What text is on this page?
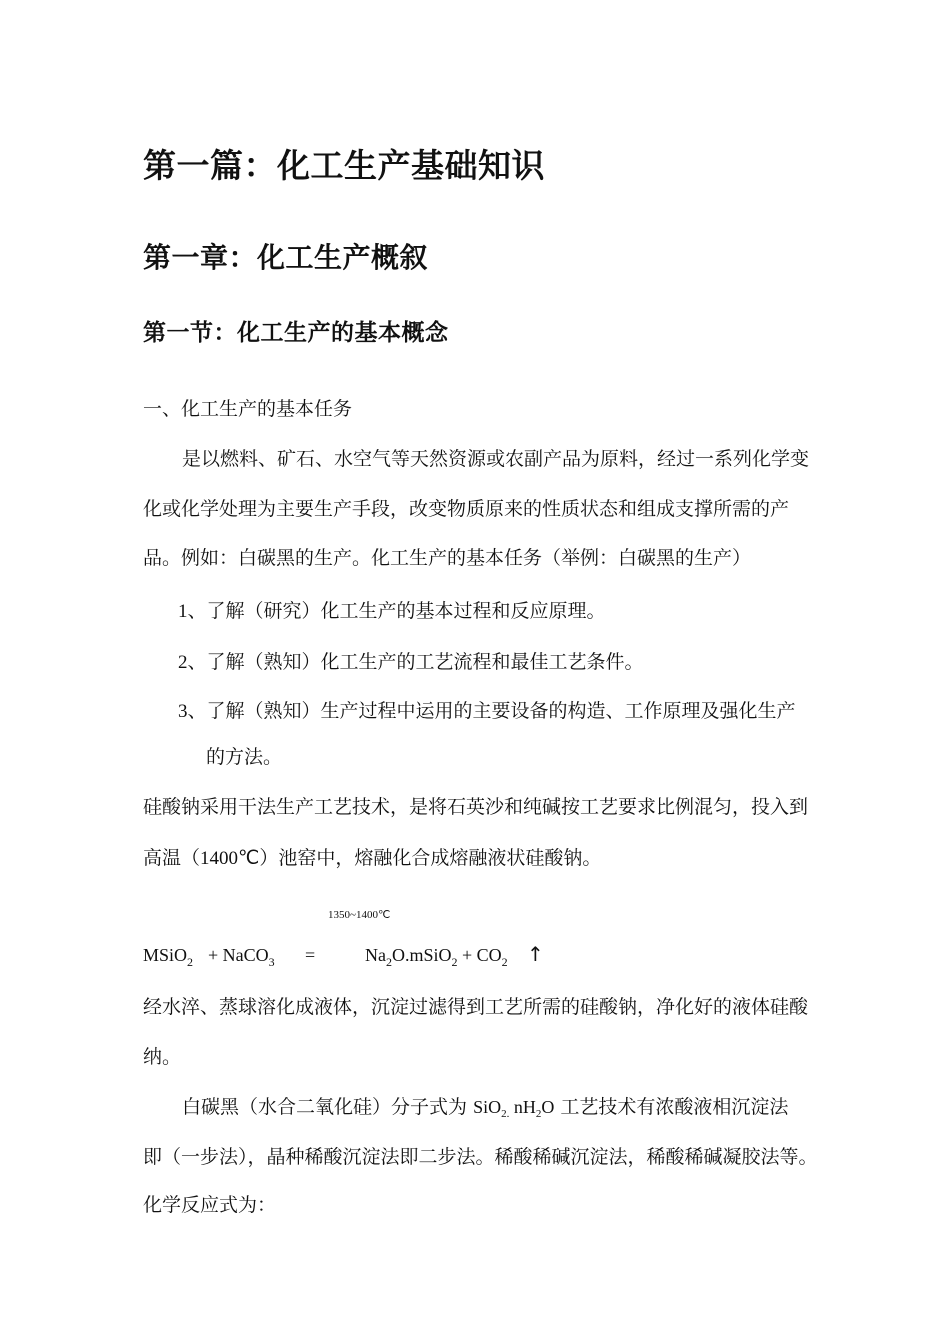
第一篇：化工生产基础知识
第一章：化工生产概叙
第一节：化工生产的基本概念
一、化工生产的基本任务
是以燃料、矿石、水空气等天然资源或农副产品为原料，经过一系列化学变
化或化学处理为主要生产手段，改变物质原来的性质状态和组成支撑所需的产
品。例如：白碳黑的生产。化工生产的基本任务（举例：白碳黑的生产）
1、了解（研究）化工生产的基本过程和反应原理。
2、了解（熟知）化工生产的工艺流程和最佳工艺条件。
3、了解（熟知）生产过程中运用的主要设备的构造、工作原理及强化生产
的方法。
硅酸钠采用干法生产工艺技术，是将石英沙和纯碱按工艺要求比例混匀，投入到
高温（1400℃）池窑中，熔融化合成熔融液状硅酸钠。
1350~1400℃
MSiO$_2$ + NaCO$_3$ =	$Na_2O.mSiO_2 + CO_2$ ↑
经水淬、蒸球溶化成液体，沉淀过滤得到工艺所需的硅酸钠，净化好的液体硅酸
纳。
白碳黑（水合二氧化硅）分子式为 SiO$_{2.}$ $nH_2O$ 工艺技术有浓酸液相沉淀法
即（一步法），晶种稀酸沉淀法即二步法。稀酸稀碱沉淀法，稀酸稀碱凝胶法等。
化学反应式为：
